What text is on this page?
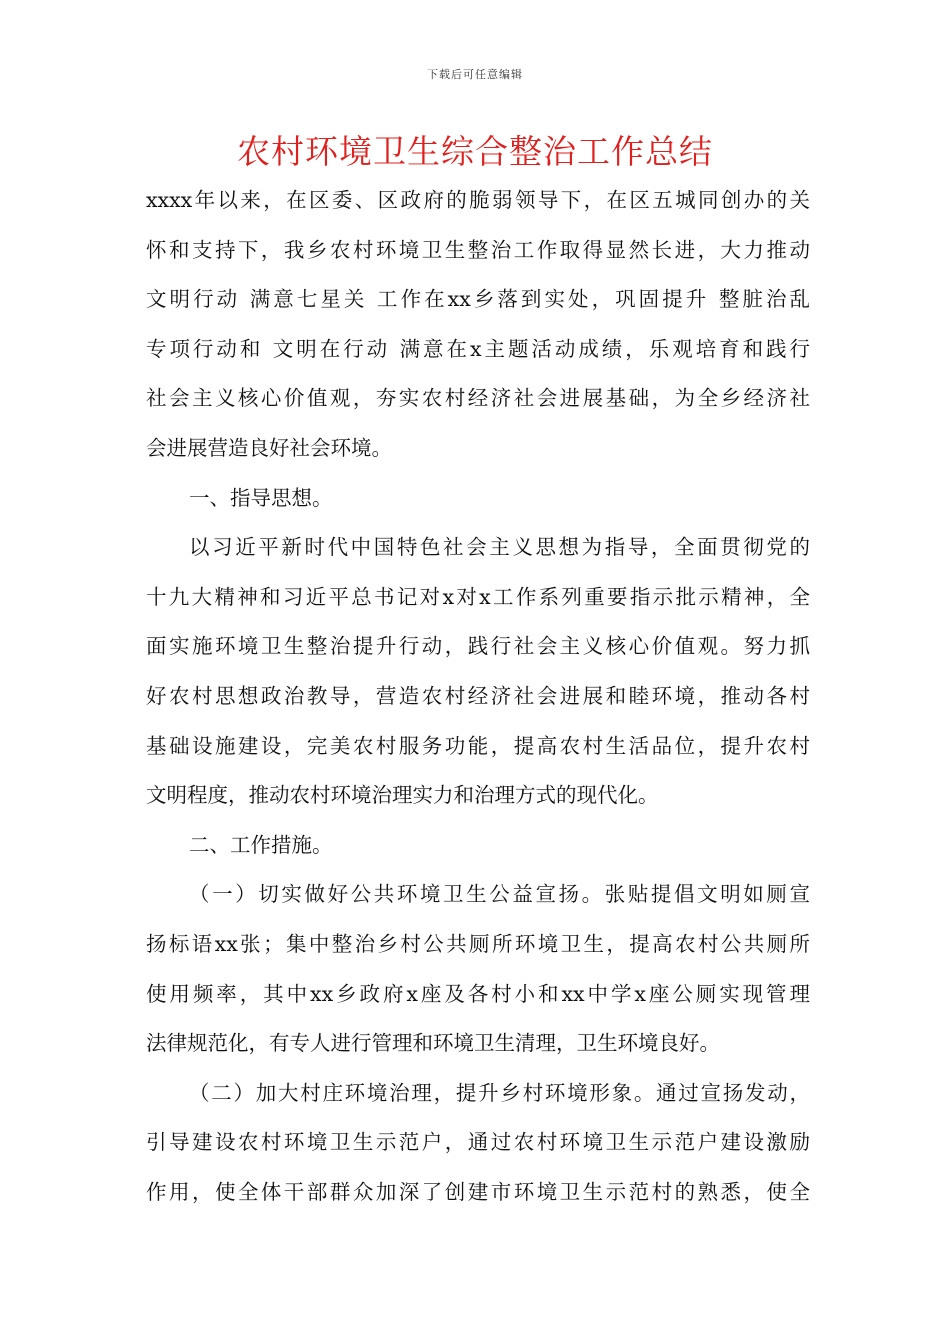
下载后可任意编辑
农村环境卫生综合整治工作总结
xxxx年以来，在区委、区政府的脆弱领导下，在区五城同创办的关
怀和支持下，我乡农村环境卫生整治工作取得显然长进，大力推动
文明行动 满意七星关 工作在xx乡落到实处，巩固提升 整脏治乱
专项行动和 文明在行动 满意在x主题活动成绩，乐观培育和践行
社会主义核心价值观，夯实农村经济社会进展基础，为全乡经济社
会进展营造良好社会环境。
一、指导思想。
以习近平新时代中国特色社会主义思想为指导，全面贯彻党的
十九大精神和习近平总书记对x对x工作系列重要指示批示精神，全
面实施环境卫生整治提升行动，践行社会主义核心价值观。努力抓
好农村思想政治教导，营造农村经济社会进展和睦环境，推动各村
基础设施建设，完美农村服务功能，提高农村生活品位，提升农村
文明程度，推动农村环境治理实力和治理方式的现代化。
二、工作措施。
（一）切实做好公共环境卫生公益宣扬。张贴提倡文明如厕宣
扬标语xx张；集中整治乡村公共厕所环境卫生，提高农村公共厕所
使用频率，其中xx乡政府x座及各村小和xx中学x座公厕实现管理
法律规范化，有专人进行管理和环境卫生清理，卫生环境良好。
（二）加大村庄环境治理，提升乡村环境形象。通过宣扬发动，
引导建设农村环境卫生示范户，通过农村环境卫生示范户建设激励
作用，使全体干部群众加深了创建市环境卫生示范村的熟悉，使全
